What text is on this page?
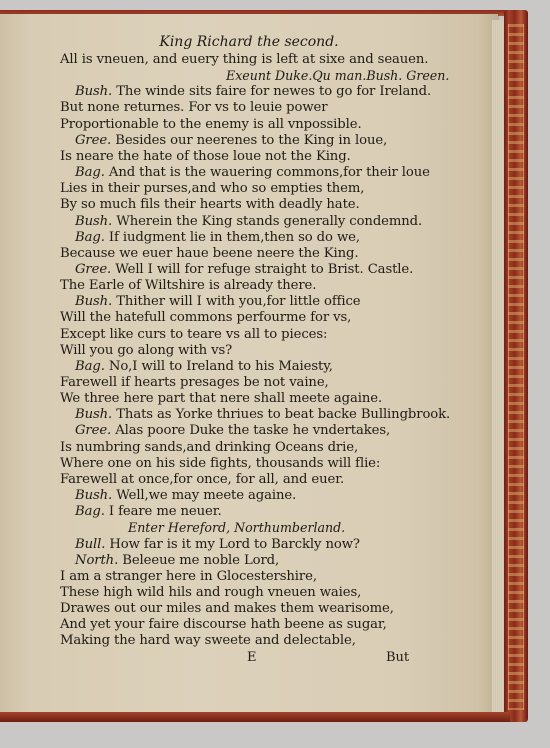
King Richard the second.
All is vneuen, and euery thing is left at sixe and seauen.
Exeunt Duke.Qu man.Bush. Green.
Bush. The winde sits faire for newes to go for Ireland.
But none returnes. For vs to leuie power
Proportionable to the enemy is all vnpossible.
Gree. Besides our neerenes to the King in loue,
Is neare the hate of those loue not the King.
Bag. And that is the wauering commons,for their loue
Lies in their purses,and who so empties them,
By so much fils their hearts with deadly hate.
Bush. Wherein the King stands generally condemnd.
Bag. If iudgment lie in them,then so do we,
Because we euer haue beene neere the King.
Gree. Well I will for refuge straight to Brist. Castle.
The Earle of Wiltshire is already there.
Bush. Thither will I with you,for little office
Will the hatefull commons perfourme for vs,
Except like curs to teare vs all to pieces:
Will you go along with vs?
Bag. No,I will to Ireland to his Maiesty,
Farewell if hearts presages be not vaine,
We three here part that nere shall meete againe.
Bush. Thats as Yorke thriues to beat backe Bullingbrook.
Gree. Alas poore Duke the taske he vndertakes,
Is numbring sands,and drinking Oceans drie,
Where one on his side fights, thousands will flie:
Farewell at once,for once, for all, and euer.
Bush. Well,we may meete againe.
Bag. I feare me neuer.
Enter Hereford, Northumberland.
Bull. How far is it my Lord to Barckly now?
North. Beleeue me noble Lord,
I am a stranger here in Glocestershire,
These high wild hils and rough vneuen waies,
Drawes out our miles and makes them wearisome,
And yet your faire discourse hath beene as sugar,
Making the hard way sweete and delectable,
E	But
